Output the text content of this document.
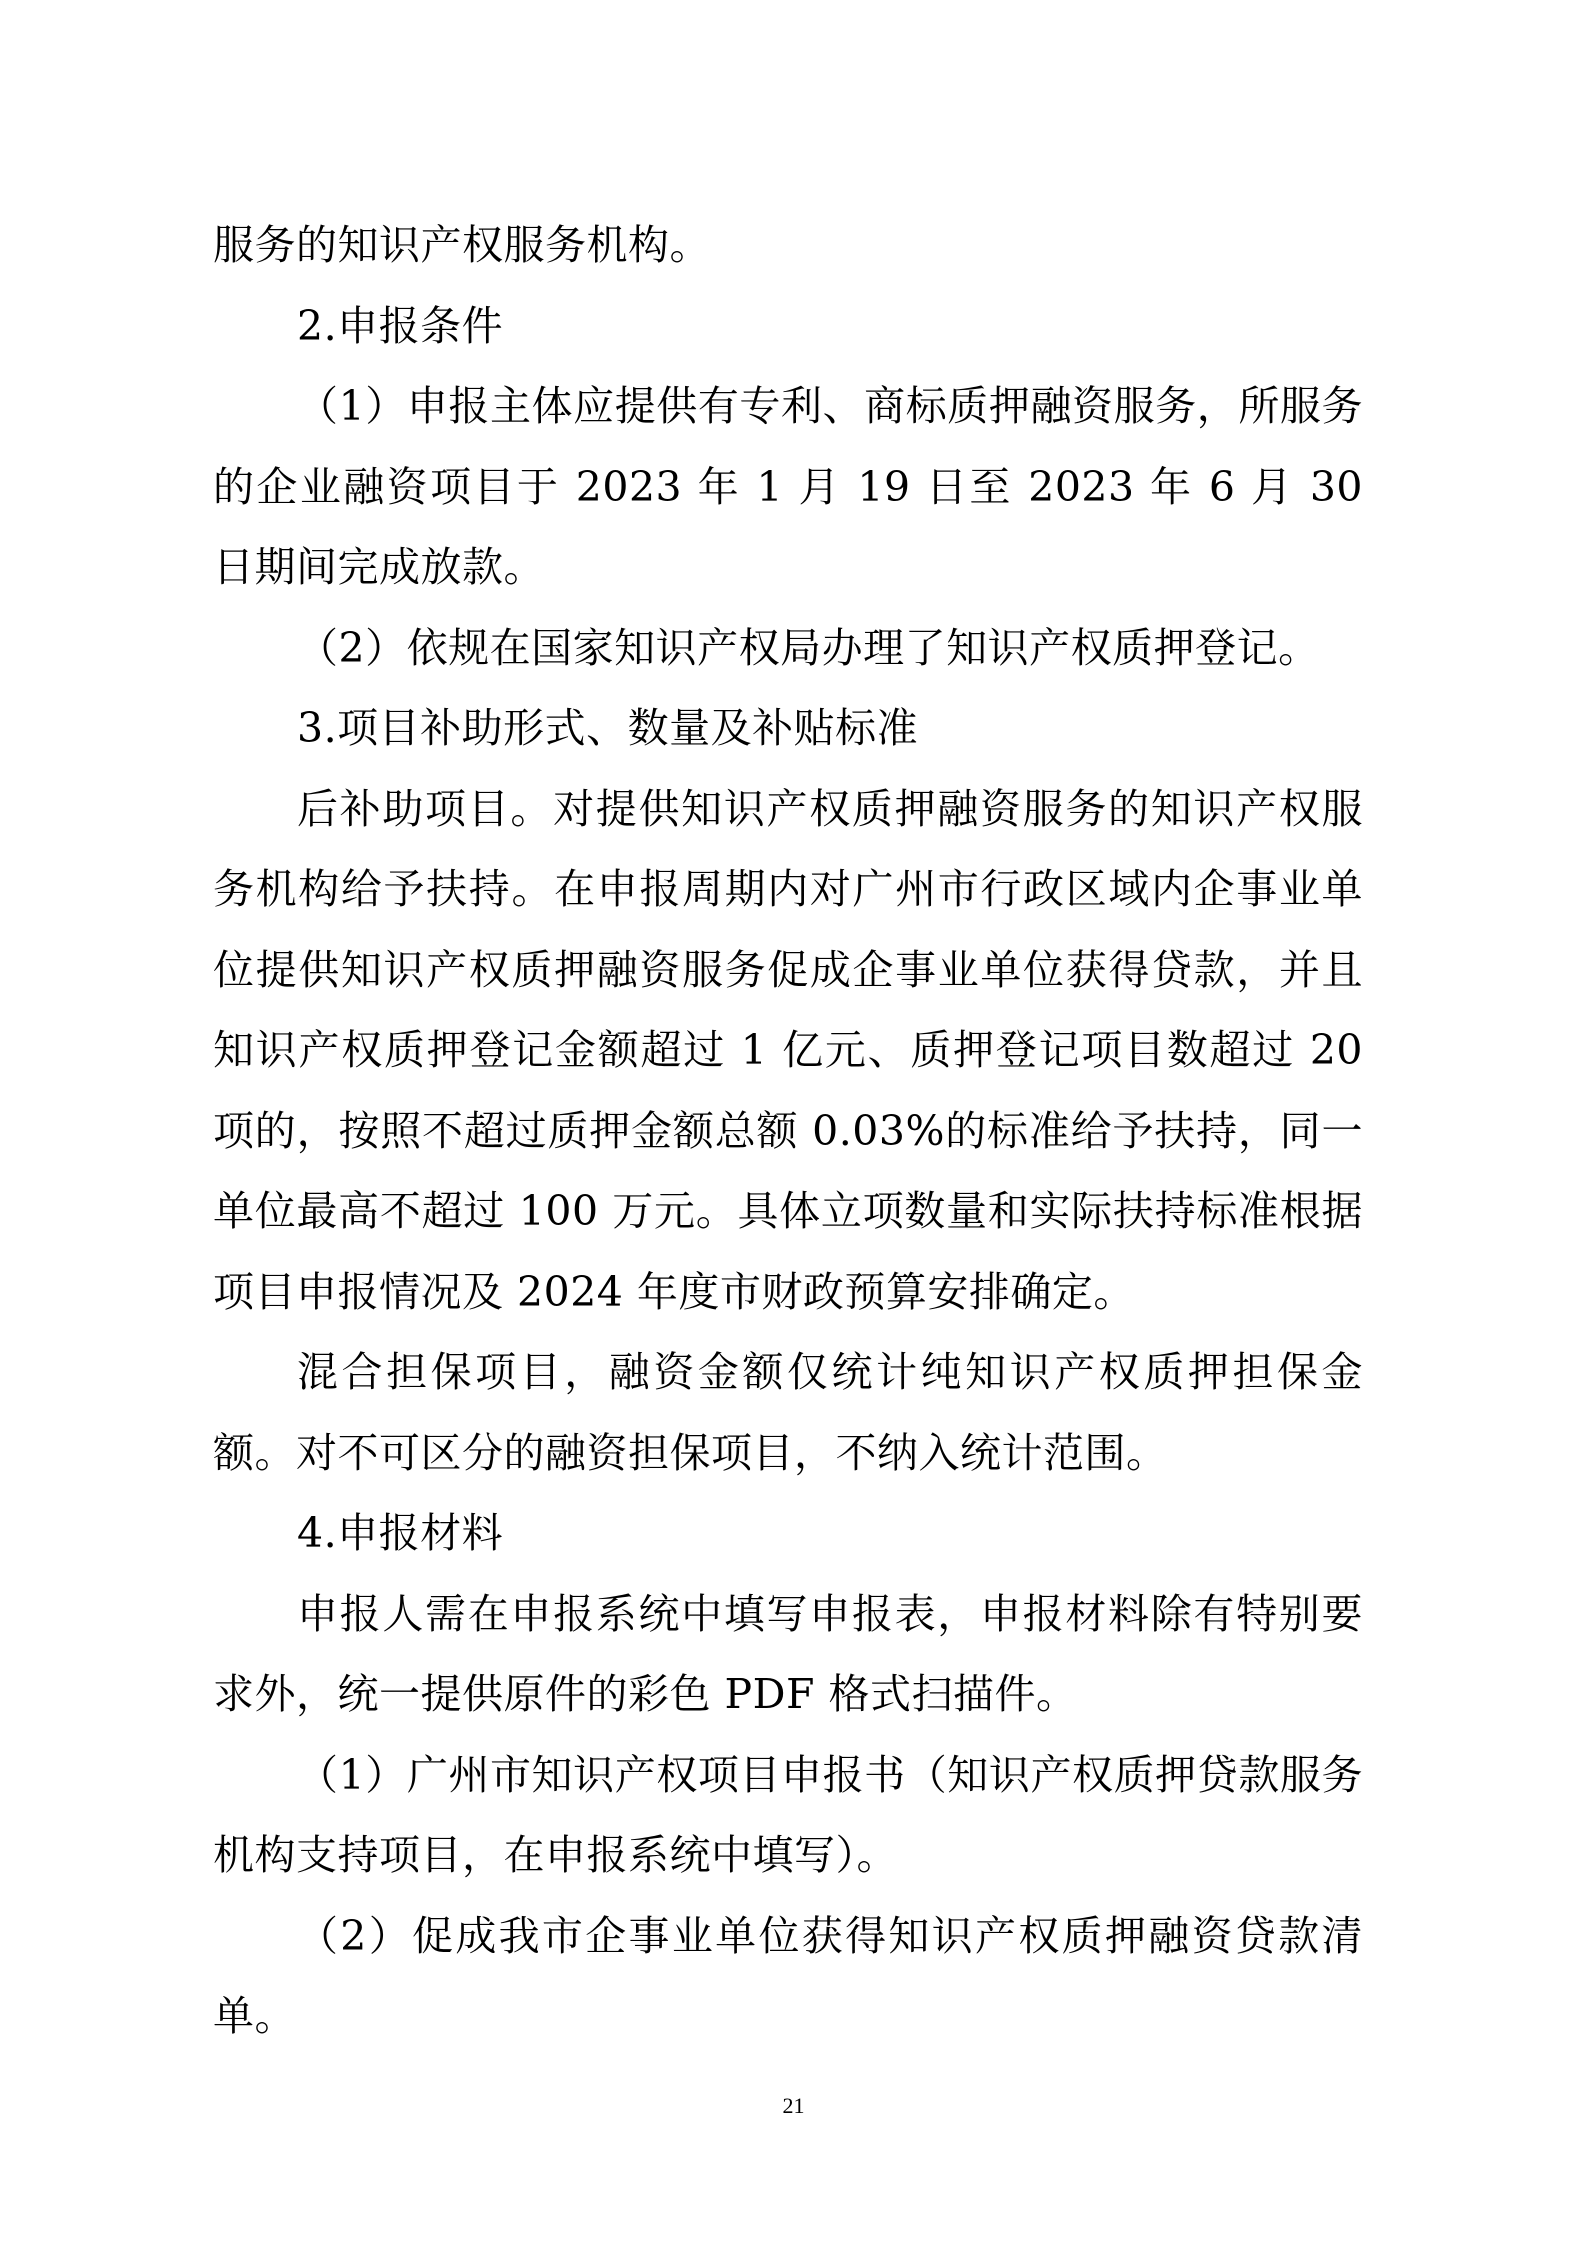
服务的知识产权服务机构。

2.申报条件

（1）申报主体应提供有专利、商标质押融资服务，所服务的企业融资项目于 2023 年 1 月 19 日至 2023 年 6 月 30 日期间完成放款。

（2）依规在国家知识产权局办理了知识产权质押登记。

3.项目补助形式、数量及补贴标准

后补助项目。对提供知识产权质押融资服务的知识产权服务机构给予扶持。在申报周期内对广州市行政区域内企事业单位提供知识产权质押融资服务促成企事业单位获得贷款，并且知识产权质押登记金额超过 1 亿元、质押登记项目数超过 20 项的，按照不超过质押金额总额 0.03%的标准给予扶持，同一单位最高不超过 100 万元。具体立项数量和实际扶持标准根据项目申报情况及 2024 年度市财政预算安排确定。

混合担保项目，融资金额仅统计纯知识产权质押担保金额。对不可区分的融资担保项目，不纳入统计范围。

4.申报材料

申报人需在申报系统中填写申报表，申报材料除有特别要求外，统一提供原件的彩色 PDF 格式扫描件。

（1）广州市知识产权项目申报书（知识产权质押贷款服务机构支持项目，在申报系统中填写）。

（2）促成我市企事业单位获得知识产权质押融资贷款清单。

21
